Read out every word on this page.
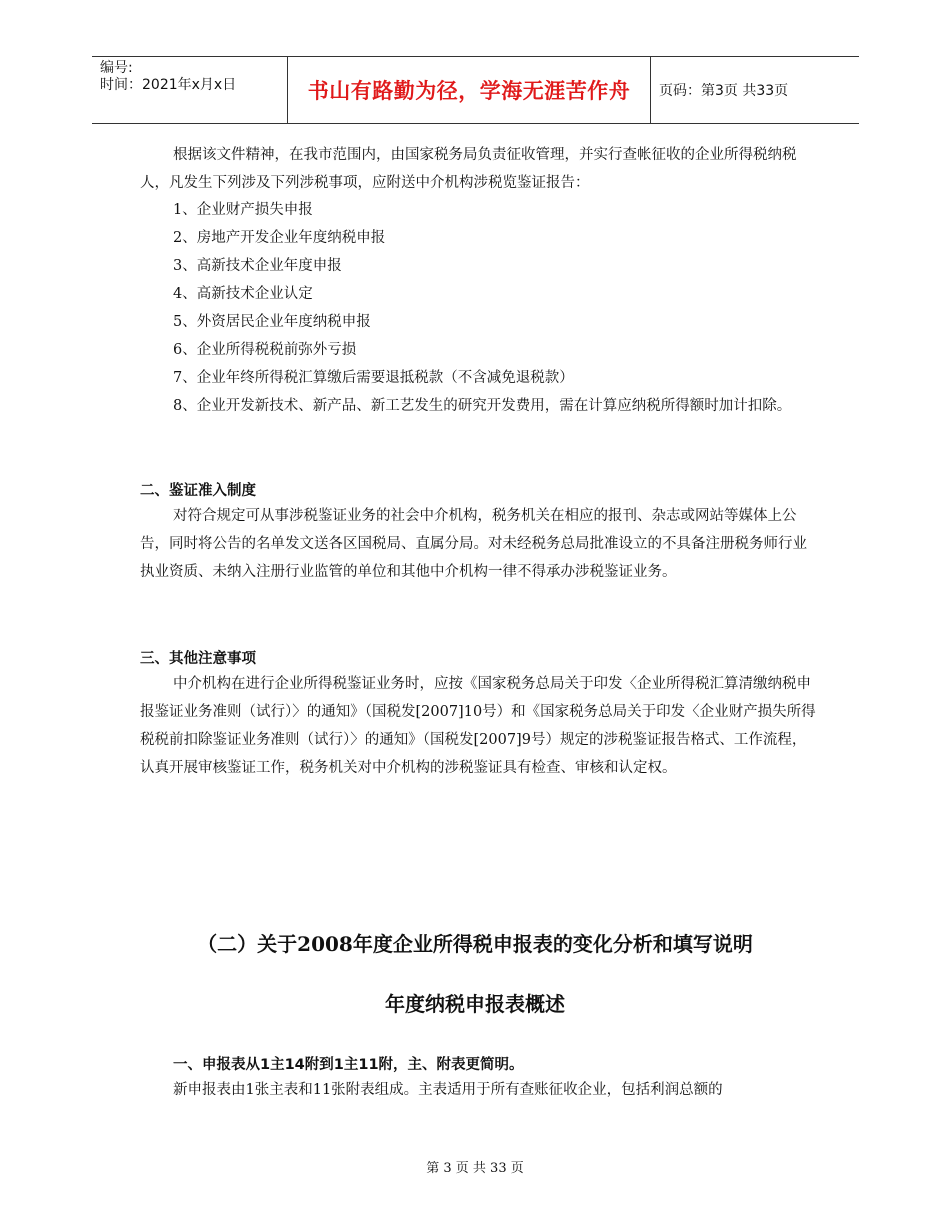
编号:
时间：2021年x月x日	书山有路勤为径，学海无涯苦作舟	页码：第3页 共33页

根据该文件精神，在我市范围内，由国家税务局负责征收管理，并实行查帐征收的企业所得税纳税人，凡发生下列涉及下列涉税事项，应附送中介机构涉税览鉴证报告：

1、企业财产损失申报

2、房地产开发企业年度纳税申报

3、高新技术企业年度申报

4、高新技术企业认定

5、外资居民企业年度纳税申报

6、企业所得税税前弥外亏损

7、企业年终所得税汇算缴后需要退抵税款（不含减免退税款）

8、企业开发新技术、新产品、新工艺发生的研究开发费用，需在计算应纳税所得额时加计扣除。

二、鉴证准入制度

对符合规定可从事涉税鉴证业务的社会中介机构，税务机关在相应的报刊、杂志或网站等媒体上公告，同时将公告的名单发文送各区国税局、直属分局。对未经税务总局批准设立的不具备注册税务师行业执业资质、未纳入注册行业监管的单位和其他中介机构一律不得承办涉税鉴证业务。

三、其他注意事项

中介机构在进行企业所得税鉴证业务时，应按《国家税务总局关于印发〈企业所得税汇算清缴纳税申报鉴证业务准则（试行）〉的通知》（国税发[2007]10号）和《国家税务总局关于印发〈企业财产损失所得税税前扣除鉴证业务准则（试行）〉的通知》（国税发[2007]9号）规定的涉税鉴证报告格式、工作流程，认真开展审核鉴证工作，税务机关对中介机构的涉税鉴证具有检查、审核和认定权。

（二）关于2008年度企业所得税申报表的变化分析和填写说明

年度纳税申报表概述

一、申报表从1主14附到1主11附，主、附表更简明。

新申报表由1张主表和11张附表组成。主表适用于所有查账征收企业，包括利润总额的

第 3 页 共 33 页
